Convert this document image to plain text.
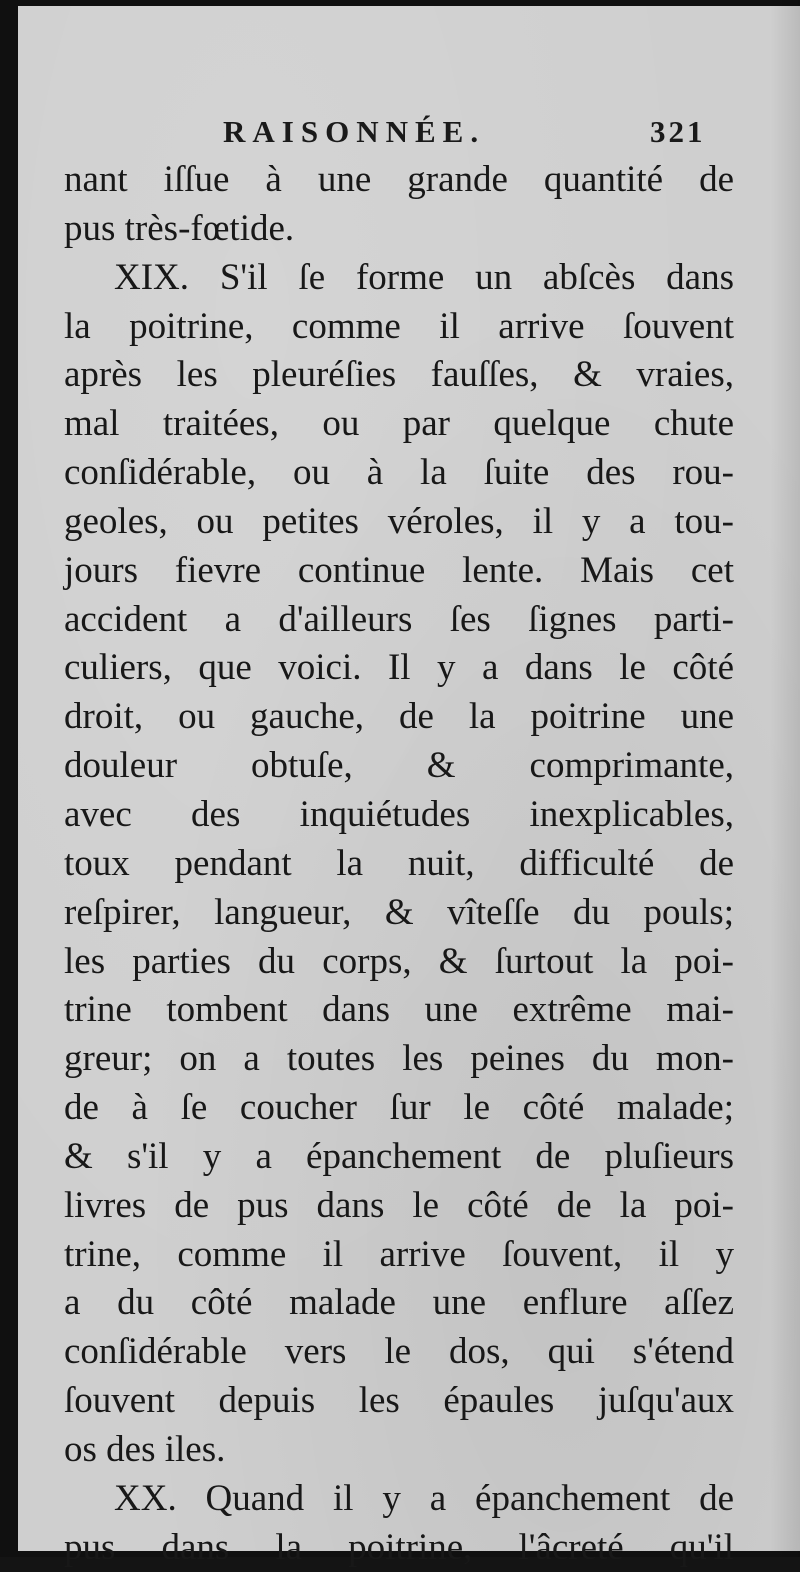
RAISONNÉE.	321
nant iſſue à une grande quantité de
pus très-fœtide.
XIX. S'il ſe forme un abſcès dans
la poitrine, comme il arrive ſouvent
après les pleuréſies fauſſes, & vraies,
mal traitées, ou par quelque chute
conſidérable, ou à la ſuite des rou-
geoles, ou petites véroles, il y a tou-
jours fievre continue lente. Mais cet
accident a d'ailleurs ſes ſignes parti-
culiers, que voici. Il y a dans le côté
droit, ou gauche, de la poitrine une
douleur obtuſe, & comprimante,
avec des inquiétudes inexplicables,
toux pendant la nuit, difficulté de
reſpirer, langueur, & vîteſſe du pouls;
les parties du corps, & ſurtout la poi-
trine tombent dans une extrême mai-
greur; on a toutes les peines du mon-
de à ſe coucher ſur le côté malade;
& s'il y a épanchement de pluſieurs
livres de pus dans le côté de la poi-
trine, comme il arrive ſouvent, il y
a du côté malade une enflure aſſez
conſidérable vers le dos, qui s'étend
ſouvent depuis les épaules juſqu'aux
os des iles.
XX. Quand il y a épanchement de
pus dans la poitrine, l'âcreté qu'il
